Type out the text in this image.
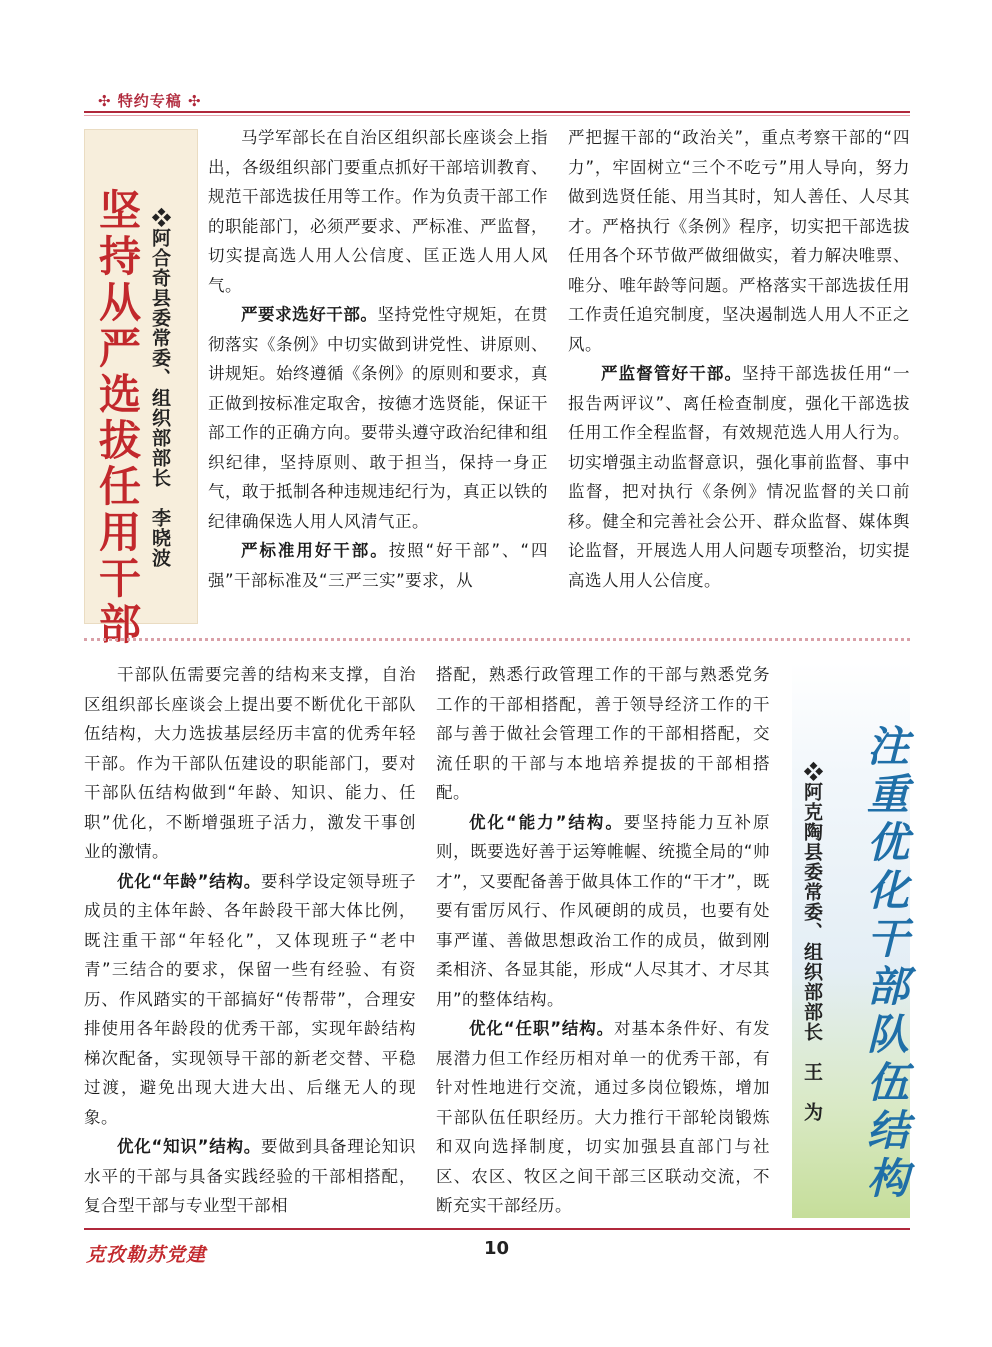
✣ 特约专稿 ✣
坚持从严选拔任用干部 ❖阿合奇县委常委、组织部部长李晓波

马学军部长在自治区组织部长座谈会上指出，各级组织部门要重点抓好干部培训教育、规范干部选拔任用等工作。作为负责干部工作的职能部门，必须严要求、严标准、严监督，切实提高选人用人公信度、匡正选人用人风气。

严要求选好干部。坚持党性守规矩，在贯彻落实《条例》中切实做到讲党性、讲原则、讲规矩。始终遵循《条例》的原则和要求，真正做到按标准定取舍，按德才选贤能，保证干部工作的正确方向。要带头遵守政治纪律和组织纪律，坚持原则、敢于担当，保持一身正气，敢于抵制各种违规违纪行为，真正以铁的纪律确保选人用人风清气正。

严标准用好干部。按照“好干部”、“四强”干部标准及“三严三实”要求，从

严把握干部的“政治关”，重点考察干部的“四力”，牢固树立“三个不吃亏”用人导向，努力做到选贤任能、用当其时，知人善任、人尽其才。严格执行《条例》程序，切实把干部选拔任用各个环节做严做细做实，着力解决唯票、唯分、唯年龄等问题。严格落实干部选拔任用工作责任追究制度，坚决遏制选人用人不正之风。

严监督管好干部。坚持干部选拔任用“一报告两评议”、离任检查制度，强化干部选拔任用工作全程监督，有效规范选人用人行为。切实增强主动监督意识，强化事前监督、事中监督，把对执行《条例》情况监督的关口前移。健全和完善社会公开、群众监督、媒体舆论监督，开展选人用人问题专项整治，切实提高选人用人公信度。

干部队伍需要完善的结构来支撑，自治区组织部长座谈会上提出要不断优化干部队伍结构，大力选拔基层经历丰富的优秀年轻干部。作为干部队伍建设的职能部门，要对干部队伍结构做到“年龄、知识、能力、任职”优化，不断增强班子活力，激发干事创业的激情。

优化“年龄”结构。要科学设定领导班子成员的主体年龄、各年龄段干部大体比例，既注重干部“年轻化”，又体现班子“老中青”三结合的要求，保留一些有经验、有资历、作风踏实的干部搞好“传帮带”，合理安排使用各年龄段的优秀干部，实现年龄结构梯次配备，实现领导干部的新老交替、平稳过渡，避免出现大进大出、后继无人的现象。

优化“知识”结构。要做到具备理论知识水平的干部与具备实践经验的干部相搭配，复合型干部与专业型干部相

搭配，熟悉行政管理工作的干部与熟悉党务工作的干部相搭配，善于领导经济工作的干部与善于做社会管理工作的干部相搭配，交流任职的干部与本地培养提拔的干部相搭配。

优化“能力”结构。要坚持能力互补原则，既要选好善于运筹帷幄、统揽全局的“帅才”，又要配备善于做具体工作的“干才”，既要有雷厉风行、作风硬朗的成员，也要有处事严谨、善做思想政治工作的成员，做到刚柔相济、各显其能，形成“人尽其才、才尽其用”的整体结构。

优化“任职”结构。对基本条件好、有发展潜力但工作经历相对单一的优秀干部，有针对性地进行交流，通过多岗位锻炼，增加干部队伍任职经历。大力推行干部轮岗锻炼和双向选择制度，切实加强县直部门与社区、农区、牧区之间干部三区联动交流，不断充实干部经历。

注重优化干部队伍结构
❖阿克陶县委常委、组织部部长王　为
克孜勒苏党建	10
